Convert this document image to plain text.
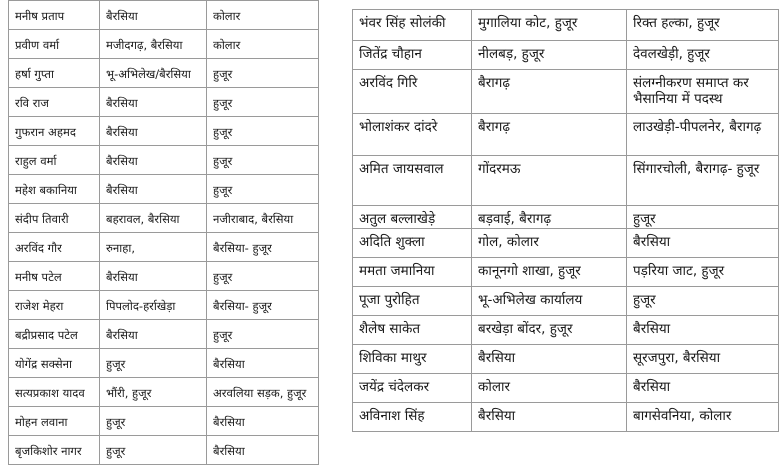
मनीष प्रताप	बैरसिया	कोलार
प्रवीण वर्मा	मजीदगढ़, बैरसिया	कोलार
हर्षा गुप्ता	भू-अभिलेख/बैरसिया	हुजूर
रवि राज	बैरसिया	हुजूर
गुफरान अहमद	बैरसिया	हुजूर
राहुल वर्मा	बैरसिया	हुजूर
महेश बकानिया	बैरसिया	हुजूर
संदीप तिवारी	बहरावल, बैरसिया	नजीराबाद, बैरसिया
अरविंद गौर	रुनाहा,	बैरसिया- हुजूर
मनीष पटेल	बैरसिया	हुजूर
राजेश मेहरा	पिपलोद-हर्राखेड़ा	बैरसिया- हुजूर
बद्रीप्रसाद पटेल	बैरसिया	हुजूर
योगेंद्र सक्सेना	हुजूर	बैरसिया
सत्यप्रकाश यादव	भौंरी, हुजूर	अरवलिया सड़क, हुजूर
मोहन लवाना	हुजूर	बैरसिया
बृजकिशोर नागर	हुजूर	बैरसिया
भंवर सिंह सोलंकी	मुगालिया कोट, हुजूर	रिक्त हल्का, हुजूर
जितेंद्र चौहान	नीलबड़, हुजूर	देवलखेड़ी, हुजूर
अरविंद गिरि	बैरागढ़	संलग्नीकरण समाप्त कर भैसानिया में पदस्थ
भोलाशंकर दांदरे	बैरागढ़	लाउखेड़ी-पीपलनेर, बैरागढ़
अमित जायसवाल	गोंदरमऊ	सिंगारचोली, बैरागढ़- हुजूर
अतुल बल्लाखेड़े	बड़वाई, बैरागढ़	हुजूर
अदिति शुक्ला	गोल, कोलार	बैरसिया
ममता जमानिया	कानूनगो शाखा, हुजूर	पड़रिया जाट, हुजूर
पूजा पुरोहित	भू-अभिलेख कार्यालय	हुजूर
शैलेष साकेत	बरखेड़ा बोंदर, हुजूर	बैरसिया
शिविका माथुर	बैरसिया	सूरजपुरा, बैरसिया
जयेंद्र चंदेलकर	कोलार	बैरसिया
अविनाश सिंह	बैरसिया	बागसेवनिया, कोलार
